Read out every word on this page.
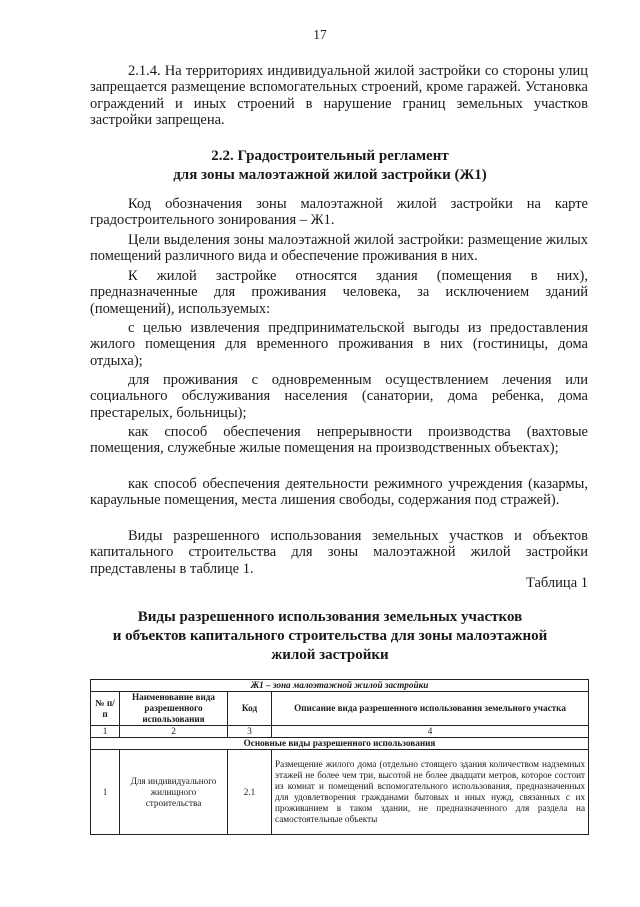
17

2.1.4. На территориях индивидуальной жилой застройки со стороны улиц запрещается размещение вспомогательных строений, кроме гаражей. Установка ограждений и иных строений в нарушение границ земельных участков застройки запрещена.

2.2. Градостроительный регламент

для зоны малоэтажной жилой застройки (Ж1)

Код обозначения зоны малоэтажной жилой застройки на карте градостроительного зонирования – Ж1.

Цели выделения зоны малоэтажной жилой застройки: размещение жилых помещений различного вида и обеспечение проживания в них.

К жилой застройке относятся здания (помещения в них), предназначенные для проживания человека, за исключением зданий (помещений), используемых:

с целью извлечения предпринимательской выгоды из предоставления жилого помещения для временного проживания в них (гостиницы, дома отдыха);

для проживания с одновременным осуществлением лечения или социального обслуживания населения (санатории, дома ребенка, дома престарелых, больницы);

как способ обеспечения непрерывности производства (вахтовые помещения, служебные жилые помещения на производственных объектах);

как способ обеспечения деятельности режимного учреждения (казармы, караульные помещения, места лишения свободы, содержания под стражей).

Виды разрешенного использования земельных участков и объектов капитального строительства для зоны малоэтажной жилой застройки представлены в таблице 1.

Таблица 1

Виды разрешенного использования земельных участков

и объектов капитального строительства для зоны малоэтажной

жилой застройки

Ж1 – зона малоэтажной жилой застройки			
№ п/п	Наименование вида разрешенного использования	Код	Описание вида разрешенного использования земельного участка
1	2	3	4
Основные виды разрешенного использования			
1	Для индивидуального жилищного строительства	2.1	Размещение жилого дома (отдельно стоящего здания количеством надземных этажей не более чем три, высотой не более двадцати метров, которое состоит из комнат и помещений вспомогательного использования, предназначенных для удовлетворения гражданами бытовых и иных нужд, связанных с их проживанием в таком здании, не предназначенного для раздела на самостоятельные объекты
